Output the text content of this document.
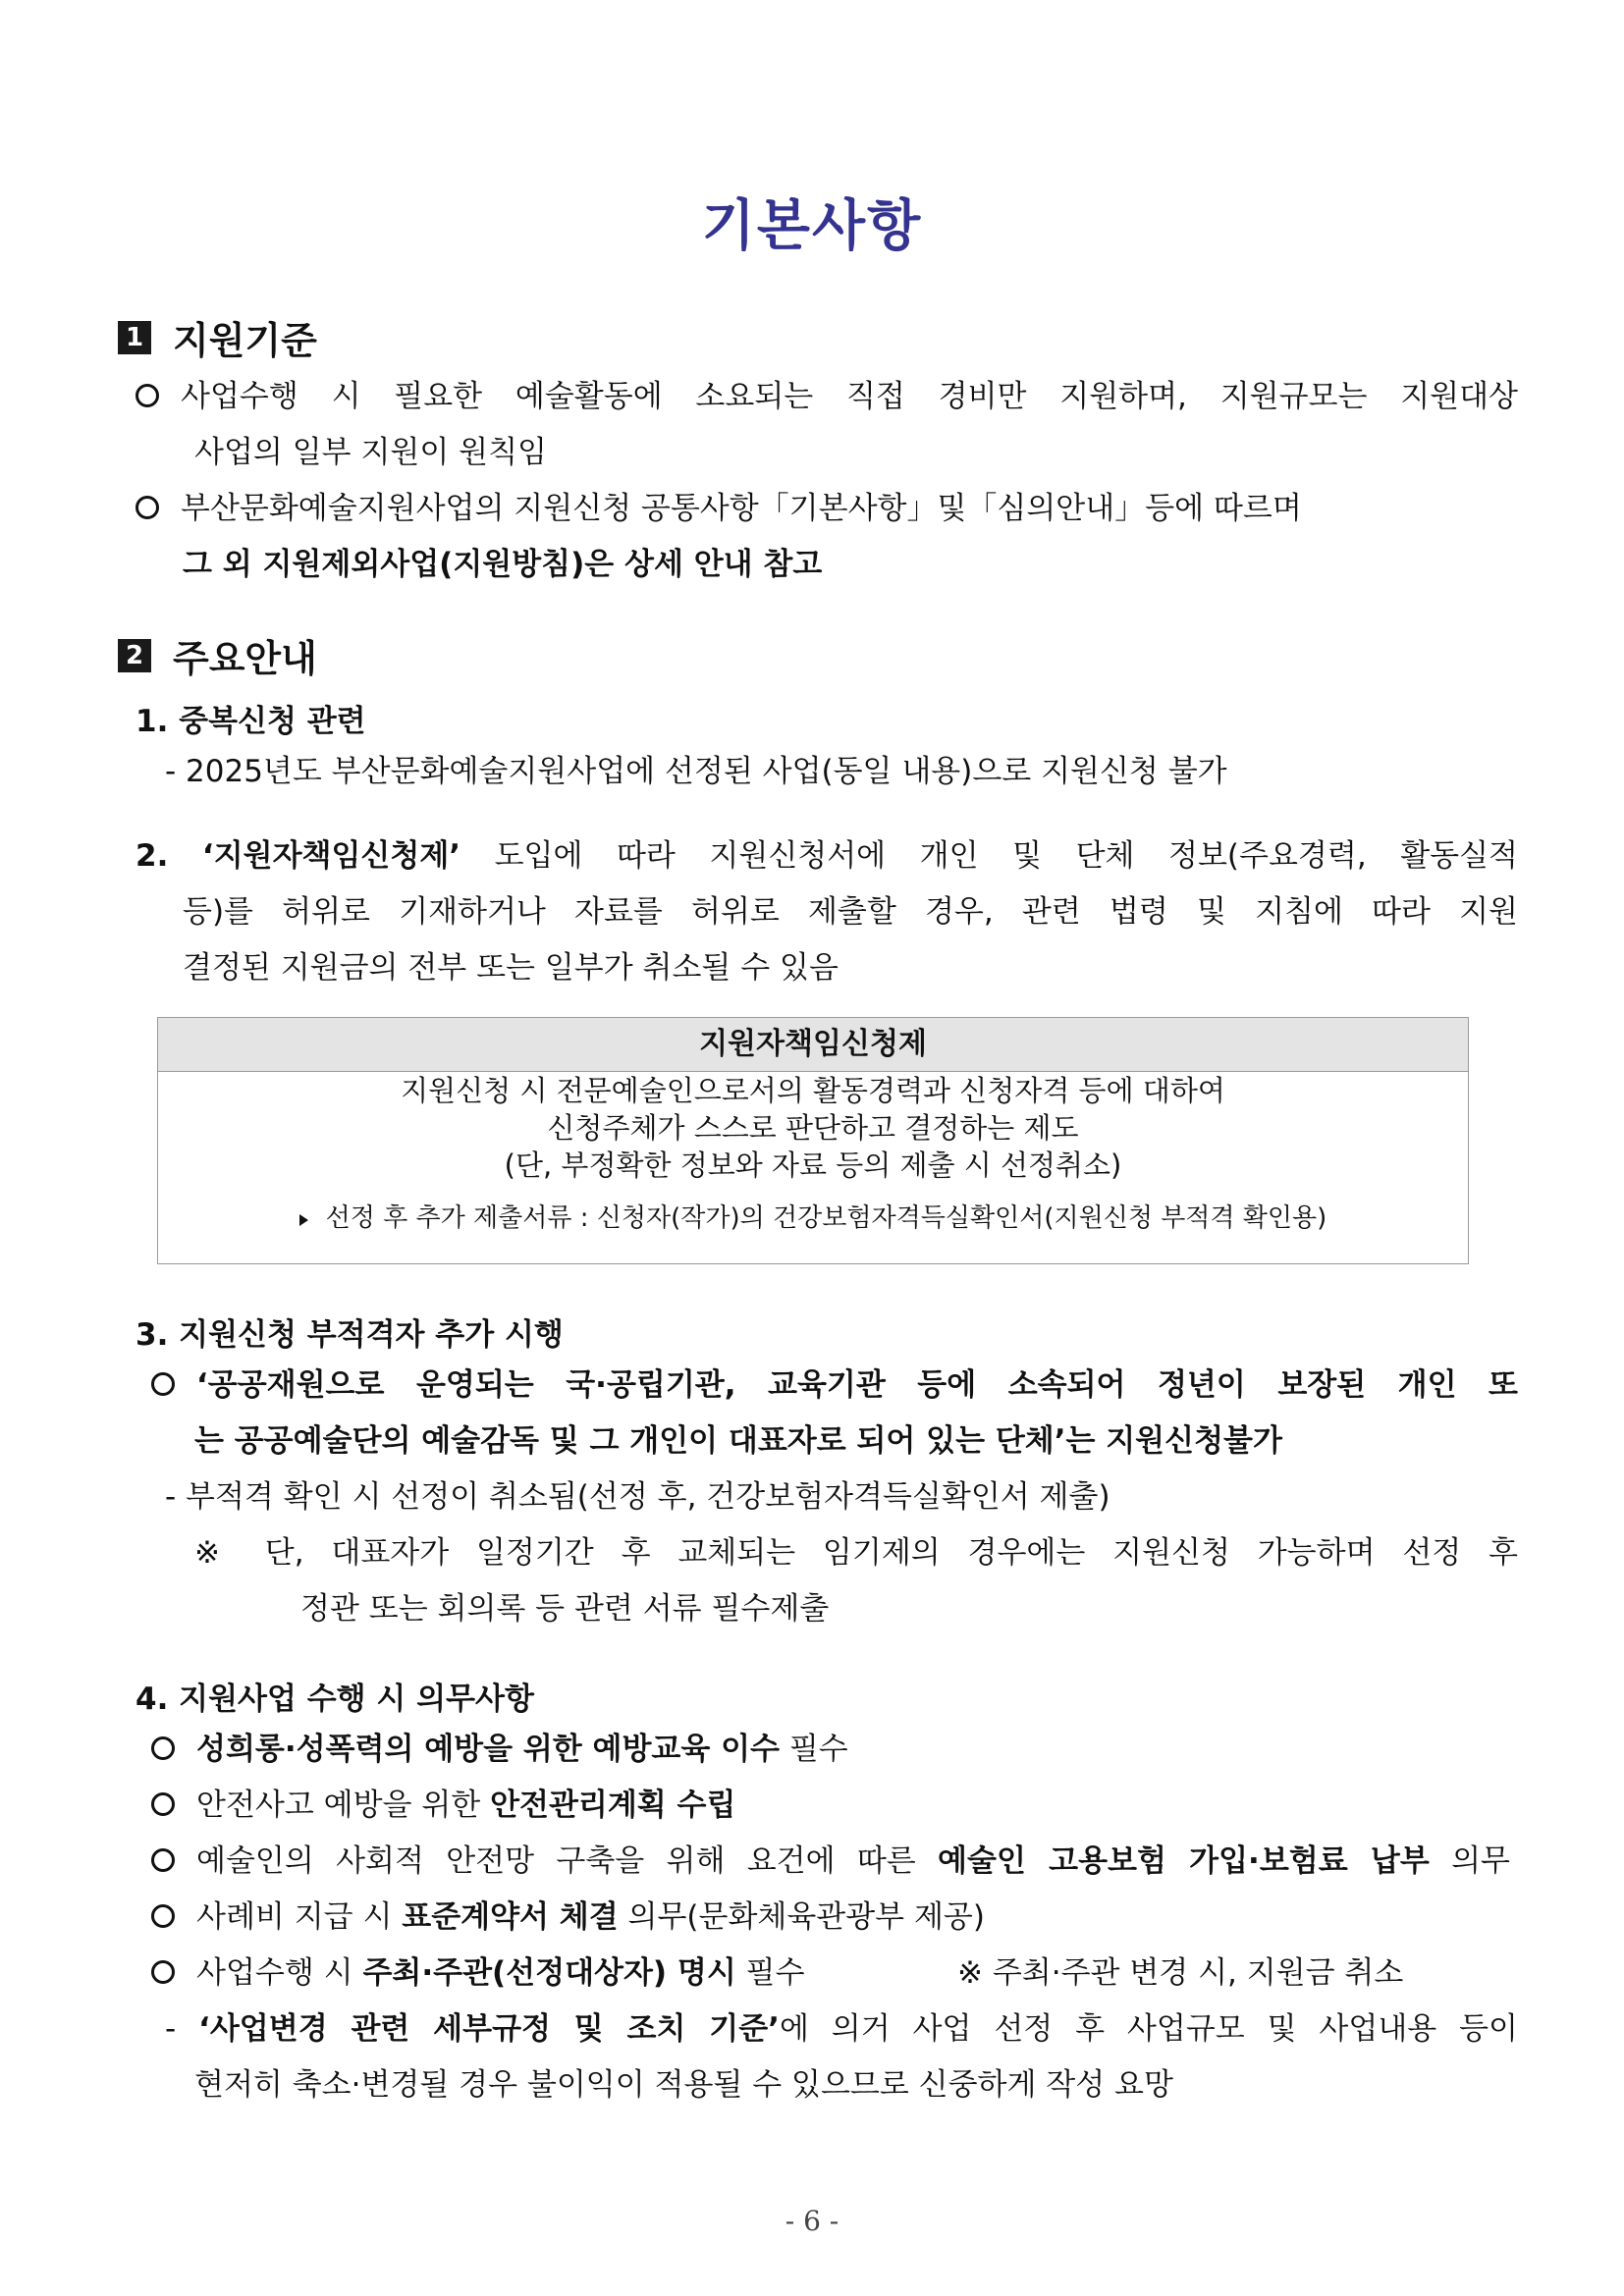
기본사항
1 지원기준
사업수행 시 필요한 예술활동에 소요되는 직접 경비만 지원하며, 지원규모는 지원대상
사업의 일부 지원이 원칙임
부산문화예술지원사업의 지원신청 공통사항「기본사항」및「심의안내」등에 따르며
그 외 지원제외사업(지원방침)은 상세 안내 참고
2 주요안내
1. 중복신청 관련
- 2025년도 부산문화예술지원사업에 선정된 사업(동일 내용)으로 지원신청 불가
2. ‘지원자책임신청제’ 도입에 따라 지원신청서에 개인 및 단체 정보(주요경력, 활동실적
등)를 허위로 기재하거나 자료를 허위로 제출할 경우, 관련 법령 및 지침에 따라 지원
결정된 지원금의 전부 또는 일부가 취소될 수 있음
지원자책임신청제
지원신청 시 전문예술인으로서의 활동경력과 신청자격 등에 대하여
신청주체가 스스로 판단하고 결정하는 제도
(단, 부정확한 정보와 자료 등의 제출 시 선정취소)
선정 후 추가 제출서류 : 신청자(작가)의 건강보험자격득실확인서(지원신청 부적격 확인용)
3. 지원신청 부적격자 추가 시행
‘공공재원으로 운영되는 국·공립기관, 교육기관 등에 소속되어 정년이 보장된 개인 또
는 공공예술단의 예술감독 및 그 개인이 대표자로 되어 있는 단체’는 지원신청불가
- 부적격 확인 시 선정이 취소됨(선정 후, 건강보험자격득실확인서 제출)
※ 단, 대표자가 일정기간 후 교체되는 임기제의 경우에는 지원신청 가능하며 선정 후
정관 또는 회의록 등 관련 서류 필수제출
4. 지원사업 수행 시 의무사항
성희롱·성폭력의 예방을 위한 예방교육 이수 필수
안전사고 예방을 위한 안전관리계획 수립
예술인의 사회적 안전망 구축을 위해 요건에 따른 예술인 고용보험 가입·보험료 납부 의무
사례비 지급 시 표준계약서 체결 의무(문화체육관광부 제공)
사업수행 시 주최·주관(선정대상자) 명시 필수	※ 주최·주관 변경 시, 지원금 취소
- ‘사업변경 관련 세부규정 및 조치 기준’에 의거 사업 선정 후 사업규모 및 사업내용 등이
현저히 축소·변경될 경우 불이익이 적용될 수 있으므로 신중하게 작성 요망
- 6 -
